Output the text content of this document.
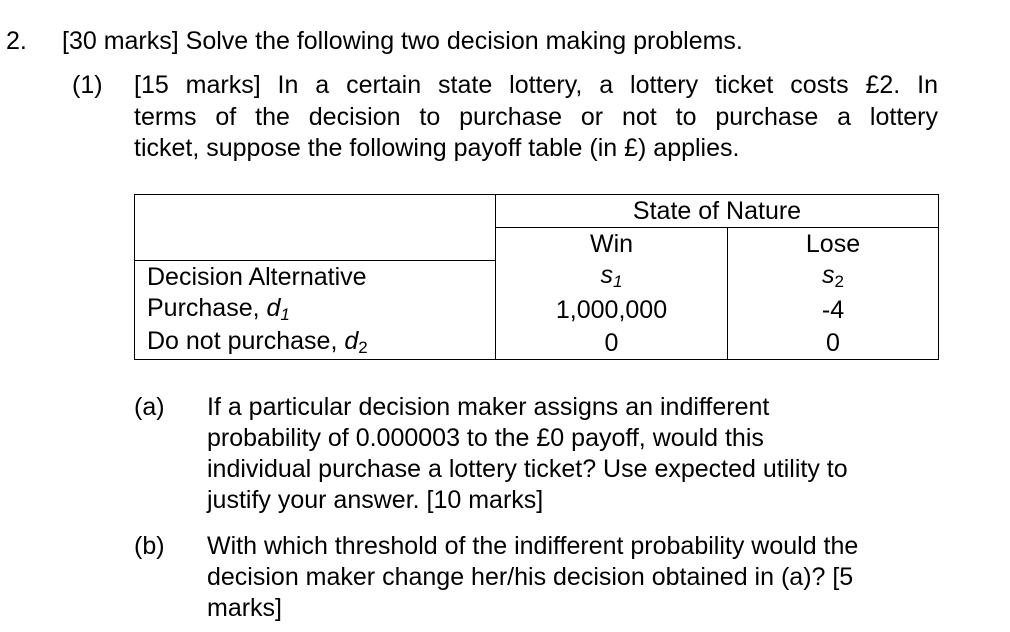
2. [30 marks] Solve the following two decision making problems.
(1) [15 marks] In a certain state lottery, a lottery ticket costs £2. In
terms of the decision to purchase or not to purchase a lottery
ticket, suppose the following payoff table (in £) applies.
	State of Nature	
	Win	Lose
Decision Alternative	s1	s2
Purchase, d1	1,000,000	-4
Do not purchase, d2	0	0
(a) If a particular decision maker assigns an indifferent
probability of 0.000003 to the £0 payoff, would this
individual purchase a lottery ticket? Use expected utility to
justify your answer. [10 marks]
(b) With which threshold of the indifferent probability would the
decision maker change her/his decision obtained in (a)? [5
marks]
